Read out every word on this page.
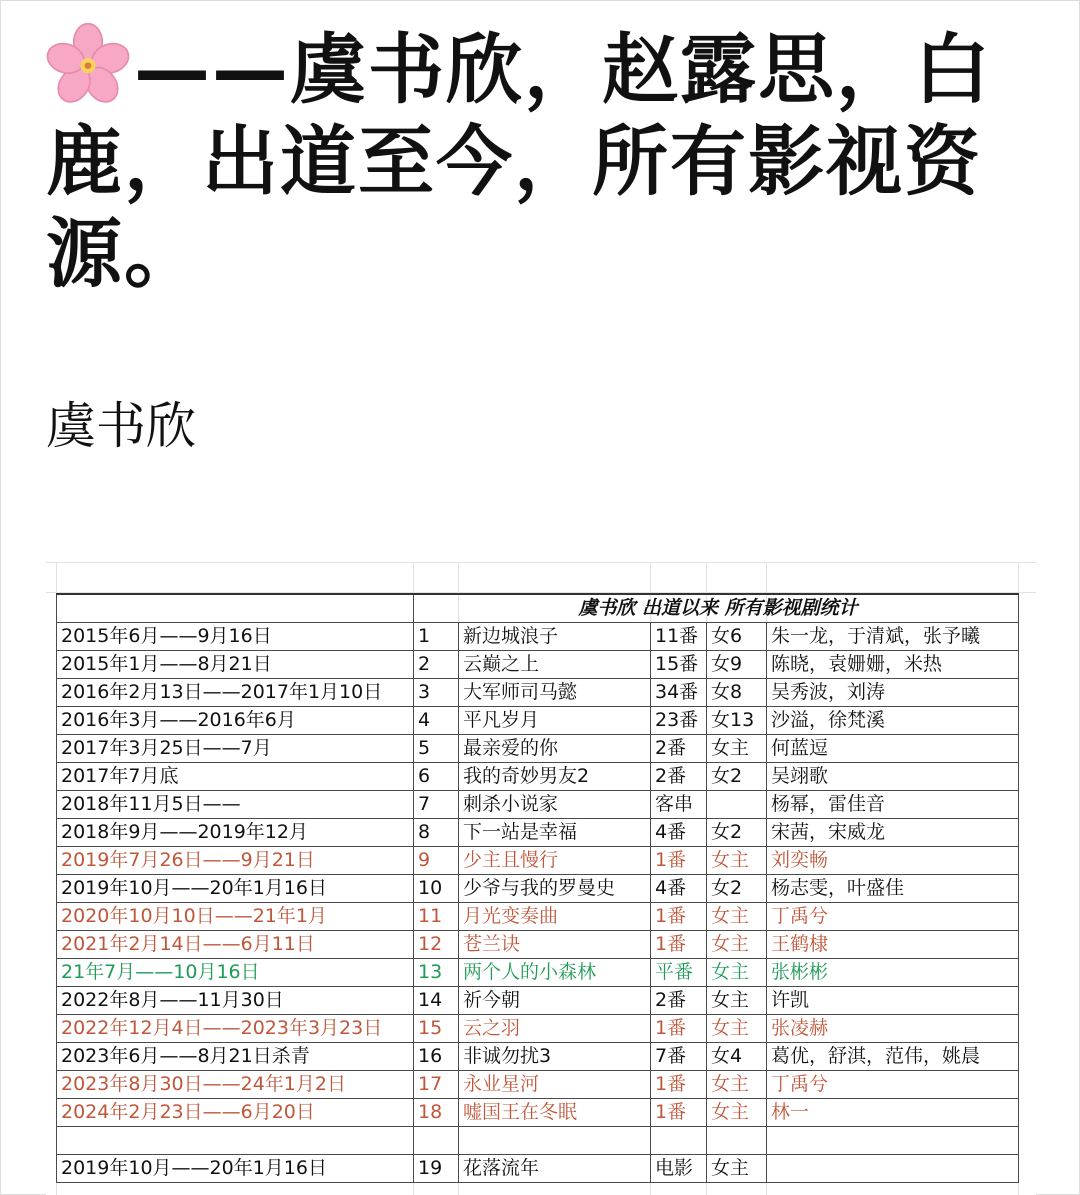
——虞书欣，赵露思，白鹿，出道至今，所有影视资源。
虞书欣
	虞书欣 出道以来 所有影视剧统计				
2015年6月——9月16日	1	新边城浪子	11番	女6	朱一龙，于清斌，张予曦
2015年1月——8月21日	2	云巅之上	15番	女9	陈晓，袁姗姗，米热
2016年2月13日——2017年1月10日	3	大军师司马懿	34番	女8	吴秀波，刘涛
2016年3月——2016年6月	4	平凡岁月	23番	女13	沙溢，徐梵溪
2017年3月25日——7月	5	最亲爱的你	2番	女主	何蓝逗
2017年7月底	6	我的奇妙男友2	2番	女2	吴翊歌
2018年11月5日——	7	刺杀小说家	客串		杨幂，雷佳音
2018年9月——2019年12月	8	下一站是幸福	4番	女2	宋茜，宋威龙
2019年7月26日——9月21日	9	少主且慢行	1番	女主	刘奕畅
2019年10月——20年1月16日	10	少爷与我的罗曼史	4番	女2	杨志雯，叶盛佳
2020年10月10日——21年1月	11	月光变奏曲	1番	女主	丁禹兮
2021年2月14日——6月11日	12	苍兰诀	1番	女主	王鹤棣
21年7月——10月16日	13	两个人的小森林	平番	女主	张彬彬
2022年8月——11月30日	14	祈今朝	2番	女主	许凯
2022年12月4日——2023年3月23日	15	云之羽	1番	女主	张凌赫
2023年6月——8月21日杀青	16	非诚勿扰3	7番	女4	葛优，舒淇，范伟，姚晨
2023年8月30日——24年1月2日	17	永业星河	1番	女主	丁禹兮
2024年2月23日——6月20日	18	嘘国王在冬眠	1番	女主	林一

2019年10月——20年1月16日	19	花落流年	电影	女主	
